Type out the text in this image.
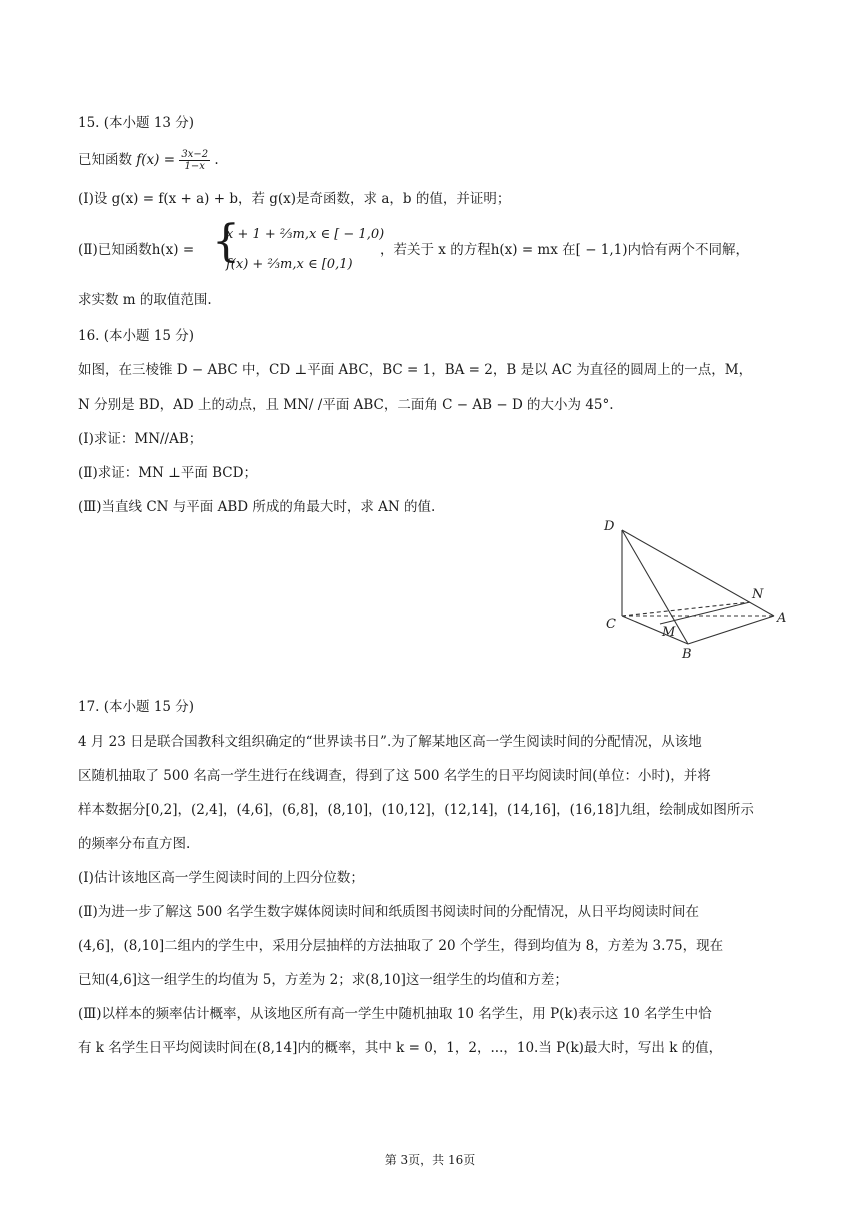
15. (本小题 13 分)
已知函数 $f(x) = \frac{3x-2}{1-x}$ .
(Ⅰ)设 g(x) = f(x + a) + b，若 g(x)是奇函数，求 a，b 的值，并证明；
(Ⅱ)已知函数h(x) = {
x + 1 + ⅔m,x ∈ [ − 1,0)
f(x) + ⅔m,x ∈ [0,1)
，若关于 x 的方程h(x) = mx 在[ − 1,1)内恰有两个不同解，
求实数 m 的取值范围.
16. (本小题 15 分)
如图，在三棱锥 D − ABC 中，CD ⊥平面 ABC，BC = 1，BA = 2，B 是以 AC 为直径的圆周上的一点，M，
N 分别是 BD，AD 上的动点，且 MN/ /平面 ABC，二面角 C − AB − D 的大小为 45°.
(Ⅰ)求证：MN//AB；
(Ⅱ)求证：MN ⊥平面 BCD；
(Ⅲ)当直线 CN 与平面 ABD 所成的角最大时，求 AN 的值.
D
N
A
C
M
B
17. (本小题 15 分)
4 月 23 日是联合国教科文组织确定的“世界读书日”.为了解某地区高一学生阅读时间的分配情况，从该地
区随机抽取了 500 名高一学生进行在线调查，得到了这 500 名学生的日平均阅读时间(单位：小时)，并将
样本数据分[0,2]，(2,4]，(4,6]，(6,8]，(8,10]，(10,12]，(12,14]，(14,16]，(16,18]九组，绘制成如图所示
的频率分布直方图.
(Ⅰ)估计该地区高一学生阅读时间的上四分位数；
(Ⅱ)为进一步了解这 500 名学生数字媒体阅读时间和纸质图书阅读时间的分配情况，从日平均阅读时间在
(4,6]，(8,10]二组内的学生中，采用分层抽样的方法抽取了 20 个学生，得到均值为 8，方差为 3.75，现在
已知(4,6]这一组学生的均值为 5，方差为 2；求(8,10]这一组学生的均值和方差；
(Ⅲ)以样本的频率估计概率，从该地区所有高一学生中随机抽取 10 名学生，用 P(k)表示这 10 名学生中恰
有 k 名学生日平均阅读时间在(8,14]内的概率，其中 k = 0，1，2，...，10.当 P(k)最大时，写出 k 的值，
第 3页，共 16页
